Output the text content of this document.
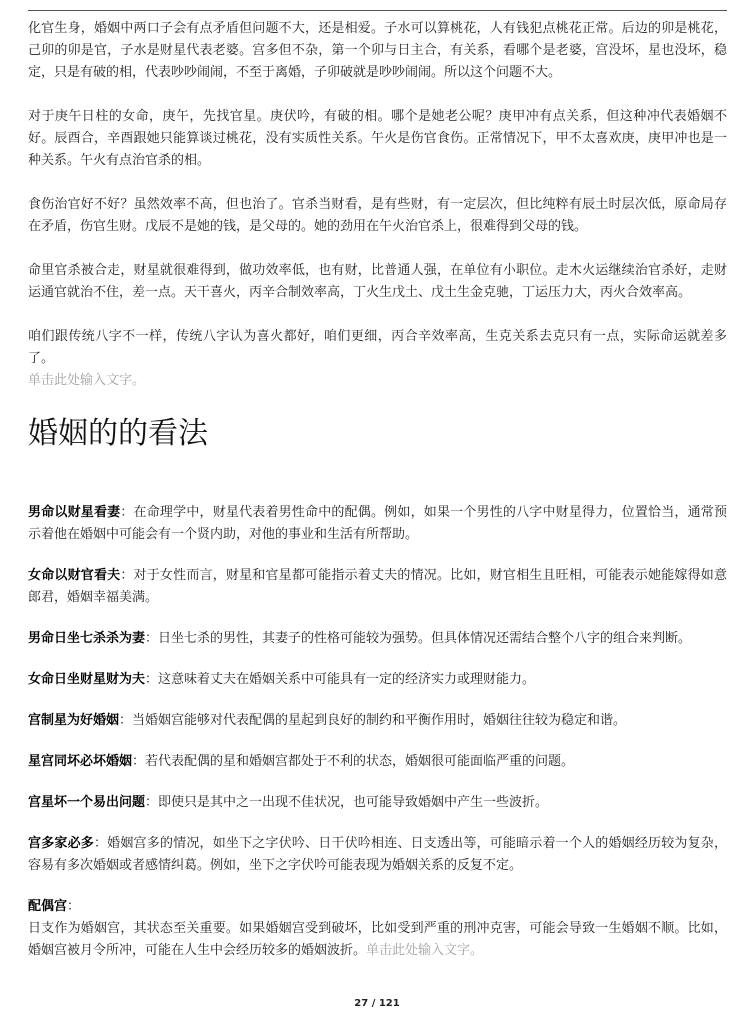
化官生身，婚姻中两口子会有点矛盾但问题不大，还是相爱。子水可以算桃花，人有钱犯点桃花正常。后边的卯是桃花，己卯的卯是官，子水是财星代表老婆。宫多但不杂，第一个卯与日主合，有关系，看哪个是老婆，宫没坏，星也没坏，稳定，只是有破的相，代表吵吵闹闹，不至于离婚，子卯破就是吵吵闹闹。所以这个问题不大。

对于庚午日柱的女命，庚午，先找官星。庚伏吟，有破的相。哪个是她老公呢？庚甲冲有点关系，但这种冲代表婚姻不好。辰酉合，辛酉跟她只能算谈过桃花，没有实质性关系。午火是伤官食伤。正常情况下，甲不太喜欢庚，庚甲冲也是一种关系。午火有点治官杀的相。

食伤治官好不好？虽然效率不高，但也治了。官杀当财看，是有些财，有一定层次，但比纯粹有辰土时层次低，原命局存在矛盾，伤官生财。戊辰不是她的钱，是父母的。她的劲用在午火治官杀上，很难得到父母的钱。

命里官杀被合走，财星就很难得到，做功效率低，也有财，比普通人强，在单位有小职位。走木火运继续治官杀好，走财运通官就治不住，差一点。天干喜火，丙辛合制效率高，丁火生戊土、戊土生金克驰，丁运压力大，丙火合效率高。

咱们跟传统八字不一样，传统八字认为喜火都好，咱们更细，丙合辛效率高，生克关系去克只有一点，实际命运就差多了。

单击此处输入文字。

婚姻的的看法

男命以财星看妻：在命理学中，财星代表着男性命中的配偶。例如，如果一个男性的八字中财星得力，位置恰当，通常预示着他在婚姻中可能会有一个贤内助，对他的事业和生活有所帮助。

女命以财官看夫：对于女性而言，财星和官星都可能指示着丈夫的情况。比如，财官相生且旺相，可能表示她能嫁得如意郎君，婚姻幸福美满。

男命日坐七杀杀为妻：日坐七杀的男性，其妻子的性格可能较为强势。但具体情况还需结合整个八字的组合来判断。

女命日坐财星财为夫：这意味着丈夫在婚姻关系中可能具有一定的经济实力或理财能力。

宫制星为好婚姻：当婚姻宫能够对代表配偶的星起到良好的制约和平衡作用时，婚姻往往较为稳定和谐。

星宫同坏必坏婚姻：若代表配偶的星和婚姻宫都处于不利的状态，婚姻很可能面临严重的问题。

宫星坏一个易出问题：即使只是其中之一出现不佳状况，也可能导致婚姻中产生一些波折。

宫多家必多：婚姻宫多的情况，如坐下之字伏吟、日干伏吟相连、日支透出等，可能暗示着一个人的婚姻经历较为复杂，容易有多次婚姻或者感情纠葛。例如，坐下之字伏吟可能表现为婚姻关系的反复不定。

配偶宫：

日支作为婚姻宫，其状态至关重要。如果婚姻宫受到破坏，比如受到严重的刑冲克害，可能会导致一生婚姻不顺。比如，婚姻宫被月令所冲，可能在人生中会经历较多的婚姻波折。单击此处输入文字。

27 / 121
